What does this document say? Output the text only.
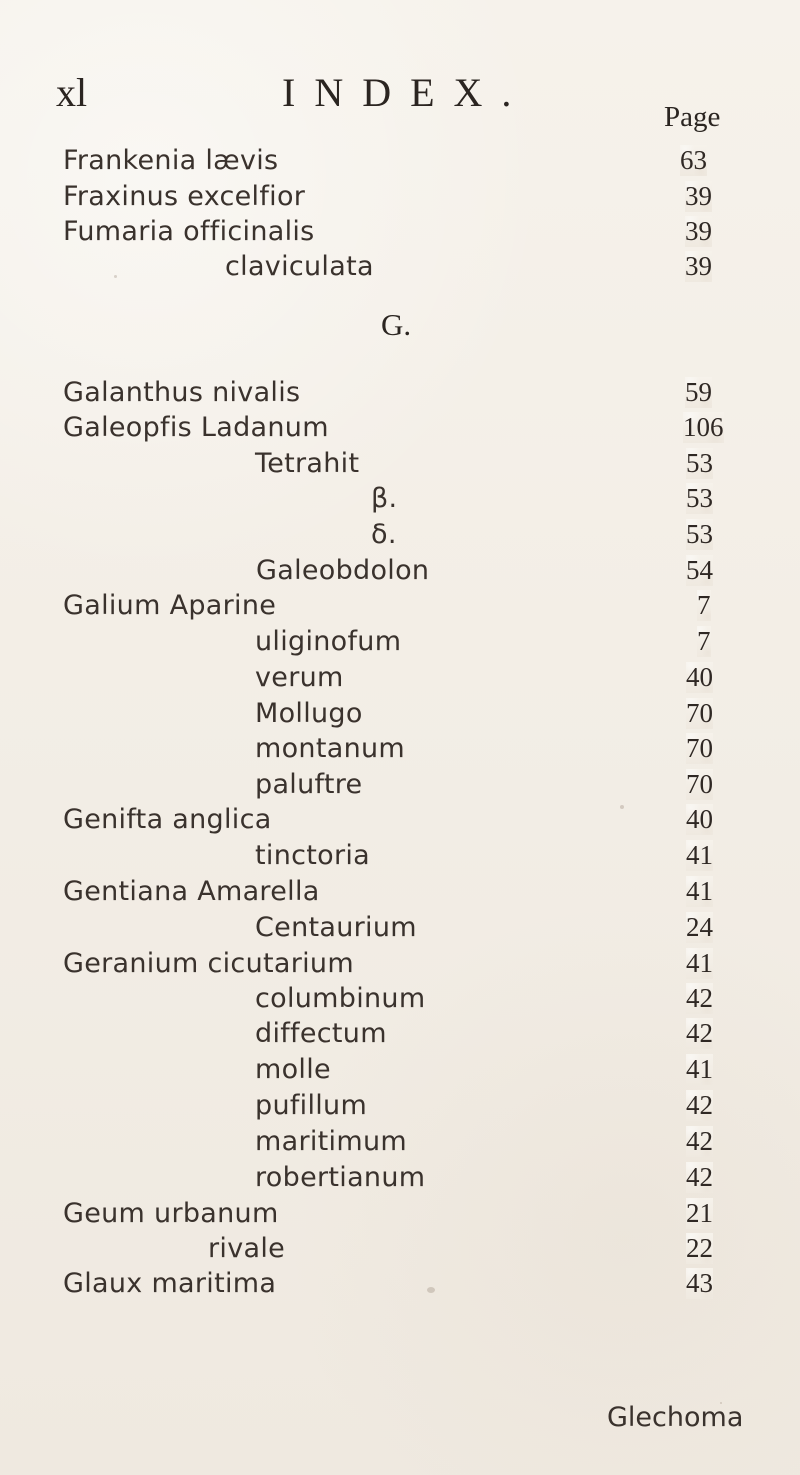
xl	INDEX.
Page
G.
Frankenia lævis	63
Fraxinus excelfior	39
Fumaria officinalis	39
claviculata	39
Galanthus nivalis	59
Galeopfis Ladanum	106
Tetrahit	53
β.	53
δ.	53
Galeobdolon	54
Galium Aparine	7
uliginofum	7
verum	40
Mollugo	70
montanum	70
paluftre	70
Genifta anglica	40
tinctoria	41
Gentiana Amarella	41
Centaurium	24
Geranium cicutarium	41
columbinum	42
diffectum	42
molle	41
pufillum	42
maritimum	42
robertianum	42
Geum urbanum	21
rivale	22
Glaux maritima	43
Glechoma
